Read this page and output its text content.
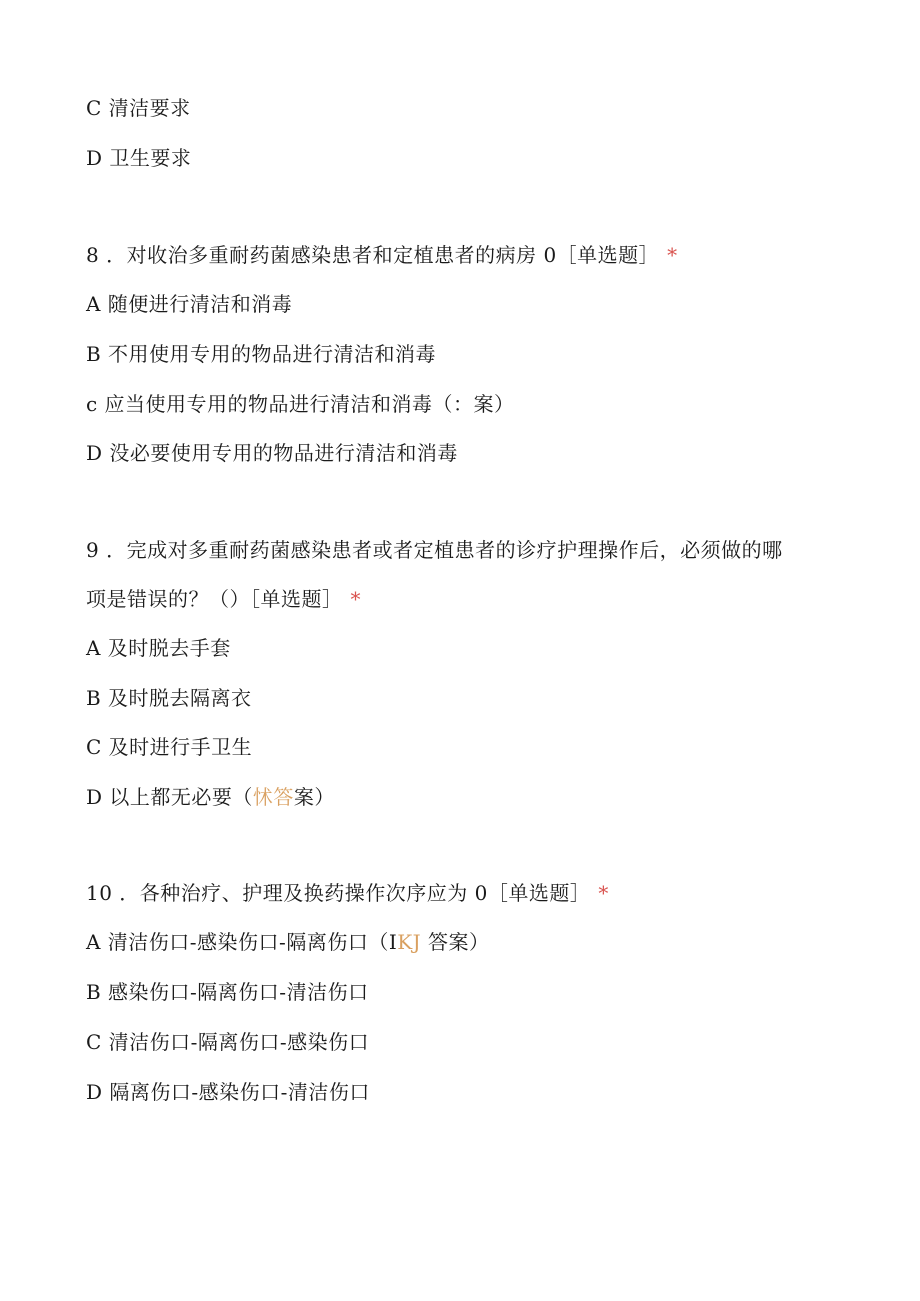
C 清洁要求
D 卫生要求
8 ．对收治多重耐药菌感染患者和定植患者的病房 0［单选题］ *
A 随便进行清洁和消毒
B 不用使用专用的物品进行清洁和消毒
c 应当使用专用的物品进行清洁和消毒（：案）
D 没必要使用专用的物品进行清洁和消毒
9 ．完成对多重耐药菌感染患者或者定植患者的诊疗护理操作后，必须做的哪
项是错误的？（）［单选题］ *
A 及时脱去手套
B 及时脱去隔离衣
C 及时进行手卫生
D 以上都无必要（怵答案）
10 ．各种治疗、护理及换药操作次序应为 0［单选题］ *
A 清洁伤口-感染伤口-隔离伤口（IKJ 答案）
B 感染伤口-隔离伤口-清洁伤口
C 清洁伤口-隔离伤口-感染伤口
D 隔离伤口-感染伤口-清洁伤口
